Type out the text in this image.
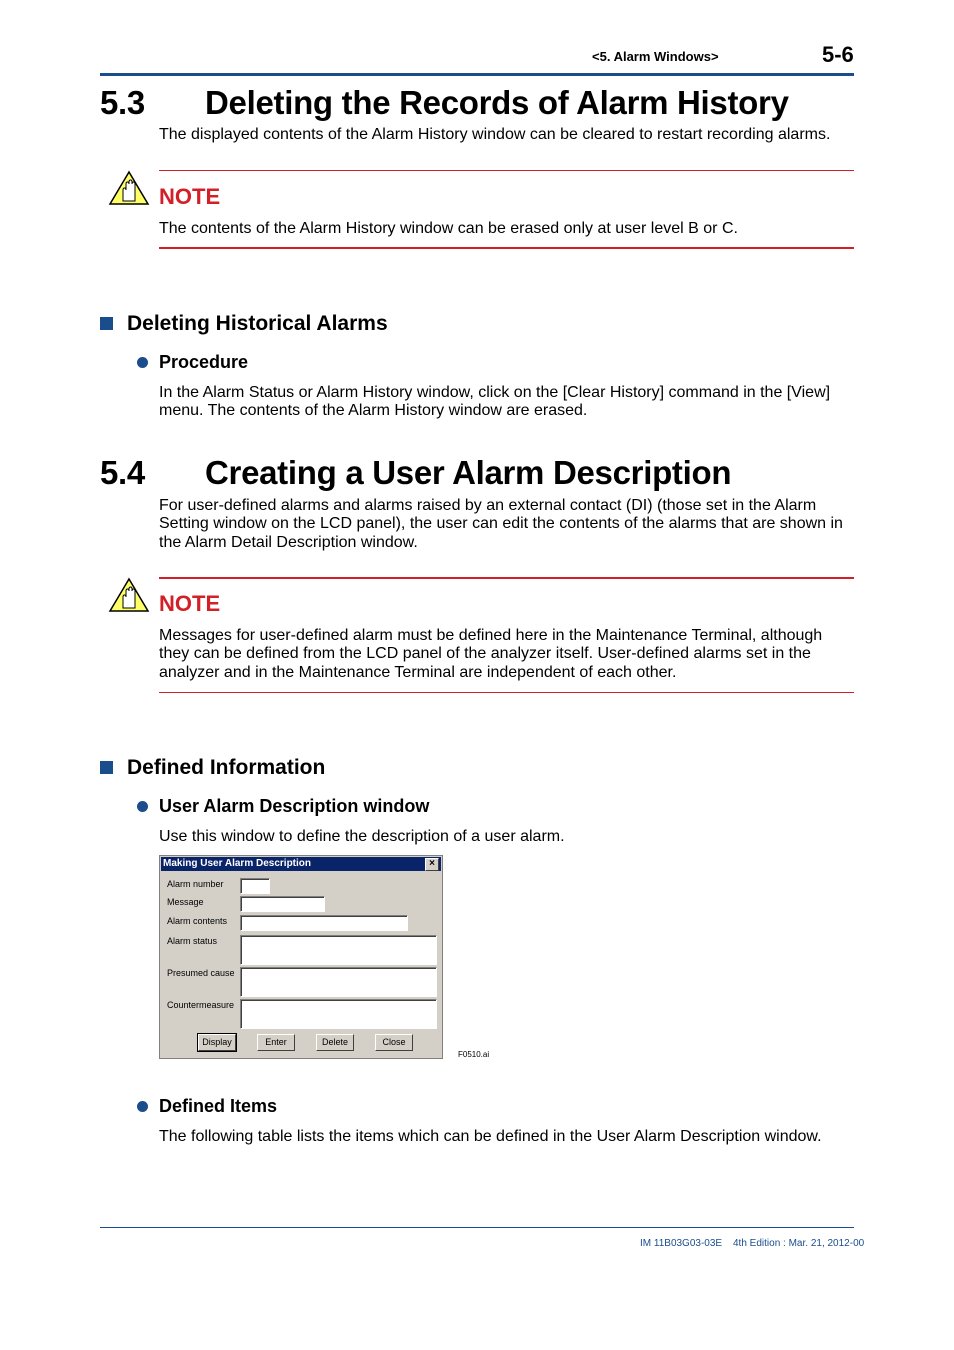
<5. Alarm Windows>	5-6
5.3 Deleting the Records of Alarm History
The displayed contents of the Alarm History window can be cleared to restart recording alarms.
NOTE
The contents of the Alarm History window can be erased only at user level B or C.
Deleting Historical Alarms
Procedure
In the Alarm Status or Alarm History window, click on the [Clear History] command in the [View]
menu. The contents of the Alarm History window are erased.
5.4 Creating a User Alarm Description
For user-defined alarms and alarms raised by an external contact (DI) (those set in the Alarm
Setting window on the LCD panel), the user can edit the contents of the alarms that are shown in
the Alarm Detail Description window.
NOTE
Messages for user-defined alarm must be defined here in the Maintenance Terminal, although
they can be defined from the LCD panel of the analyzer itself. User-defined alarms set in the
analyzer and in the Maintenance Terminal are independent of each other.
Defined Information
User Alarm Description window
Use this window to define the description of a user alarm.
Making User Alarm Description	×
Alarm number
Message
Alarm contents
Alarm status
Presumed cause
Countermeasure
Display	Enter	Delete	Close
F0510.ai
Defined Items
The following table lists the items which can be defined in the User Alarm Description window.
IM 11B03G03-03E 4th Edition : Mar. 21, 2012-00
